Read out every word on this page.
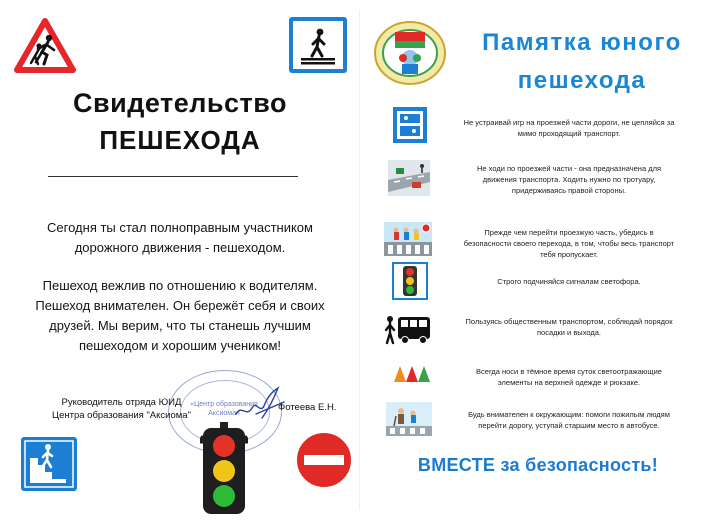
Свидетельство
ПЕШЕХОДА
Сегодня ты стал полноправным участником
дорожного движения - пешеходом.
Пешеход вежлив по отношению к водителям.
Пешеход внимателен. Он бережёт себя и своих
друзей. Мы верим, что ты станешь лучшим
пешеходом и хорошим учеником!
«Центр образования Аксиома»
Руководитель отряда ЮИД
Центра образования "Аксиома"
Фотеева Е.Н.
Памятка юного
пешехода
Не устраивай игр на проезжей части дороги, не цепляйся за
мимо проходящий транспорт.
Не ходи по проезжей части - она предназначена для
движения транспорта. Ходить нужно по тротуару,
придерживаясь правой стороны.
Прежде чем перейти проезжую часть, убедись в
безопасности своего перехода, в том, чтобы весь транспорт
тебя пропускает.
Строго подчиняйся сигналам светофора.
Пользуясь общественным транспортом, соблюдай порядок
посадки и выхода.
Всегда носи в тёмное время суток светоотражающие
элементы на верхней одежде и рюкзаке.
Будь внимателен к окружающим: помоги пожилым людям
перейти дорогу, уступай старшим место в автобусе.
ВМЕСТЕ за безопасность!
